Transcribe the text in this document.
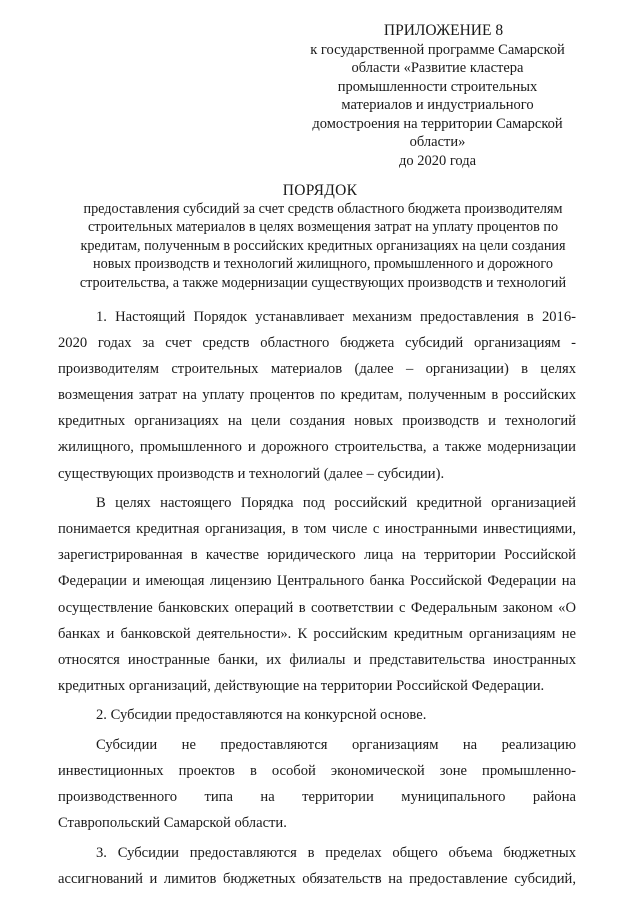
ПРИЛОЖЕНИЕ 8
к государственной программе Самарской
области «Развитие кластера
промышленности строительных
материалов и индустриального
домостроения на территории Самарской
области»
до 2020 года
ПОРЯДОК
предоставления субсидий за счет средств областного бюджета производителям
строительных материалов в целях возмещения затрат на уплату процентов по
кредитам, полученным в российских кредитных организациях на цели создания
новых производств и технологий жилищного, промышленного и дорожного
строительства, а также модернизации существующих производств и технологий
1. Настоящий Порядок устанавливает механизм предоставления в 2016-
2020 годах за счет средств областного бюджета субсидий организациям -
производителям строительных материалов (далее – организации) в целях
возмещения затрат на уплату процентов по кредитам, полученным в российских
кредитных организациях на цели создания новых производств и технологий
жилищного, промышленного и дорожного строительства, а также модернизации
существующих производств и технологий (далее – субсидии).
В целях настоящего Порядка под российский кредитной организацией
понимается кредитная организация, в том числе с иностранными инвестициями,
зарегистрированная в качестве юридического лица на территории Российской
Федерации и имеющая лицензию Центрального банка Российской Федерации на
осуществление банковских операций в соответствии с Федеральным законом «О
банках и банковской деятельности». К российским кредитным организациям не
относятся иностранные банки, их филиалы и представительства иностранных
кредитных организаций, действующие на территории Российской Федерации.
2. Субсидии предоставляются на конкурсной основе.
Субсидии не предоставляются организациям на реализацию
инвестиционных проектов в особой экономической зоне промышленно-
производственного типа на территории муниципального района
Ставропольский Самарской области.
3. Субсидии предоставляются в пределах общего объема бюджетных
ассигнований и лимитов бюджетных обязательств на предоставление субсидий,
